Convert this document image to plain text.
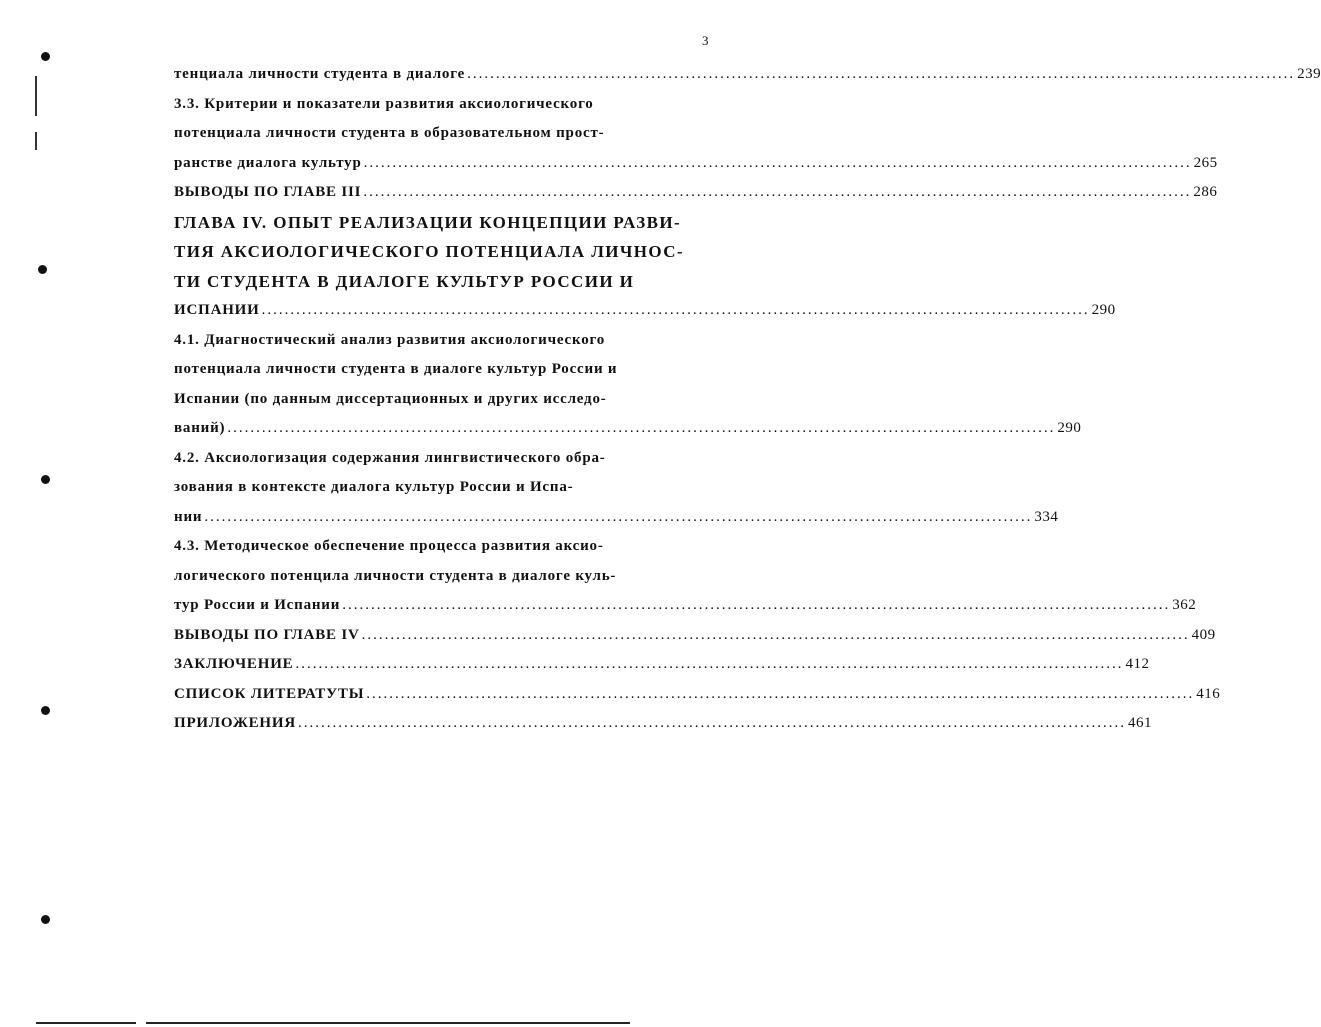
3
тенциала личности студента в диалоге ................................................................................................................................................ 239
3.3. Критерии и показатели развития аксиологического
потенциала личности студента в образовательном прост-
ранстве диалога культур ................................................................................................................................................ 265
ВЫВОДЫ ПО ГЛАВЕ III ................................................................................................................................................ 286
ГЛАВА IV. ОПЫТ РЕАЛИЗАЦИИ КОНЦЕПЦИИ РАЗВИ-
ТИЯ АКСИОЛОГИЧЕСКОГО ПОТЕНЦИАЛА ЛИЧНОС-
ТИ СТУДЕНТА В ДИАЛОГЕ КУЛЬТУР РОССИИ И
ИСПАНИИ ................................................................................................................................................ 290
4.1. Диагностический анализ развития аксиологического
потенциала личности студента в диалоге культур России и
Испании (по данным диссертационных и других исследо-
ваний) ................................................................................................................................................ 290
4.2. Аксиологизация содержания лингвистического обра-
зования в контексте диалога культур России и Испа-
нии ................................................................................................................................................ 334
4.3. Методическое обеспечение процесса развития аксио-
логического потенцила личности студента в диалоге куль-
тур России и Испании ................................................................................................................................................ 362
ВЫВОДЫ ПО ГЛАВЕ IV ................................................................................................................................................ 409
ЗАКЛЮЧЕНИЕ ................................................................................................................................................ 412
СПИСОК ЛИТЕРАТУТЫ ................................................................................................................................................ 416
ПРИЛОЖЕНИЯ ................................................................................................................................................ 461
